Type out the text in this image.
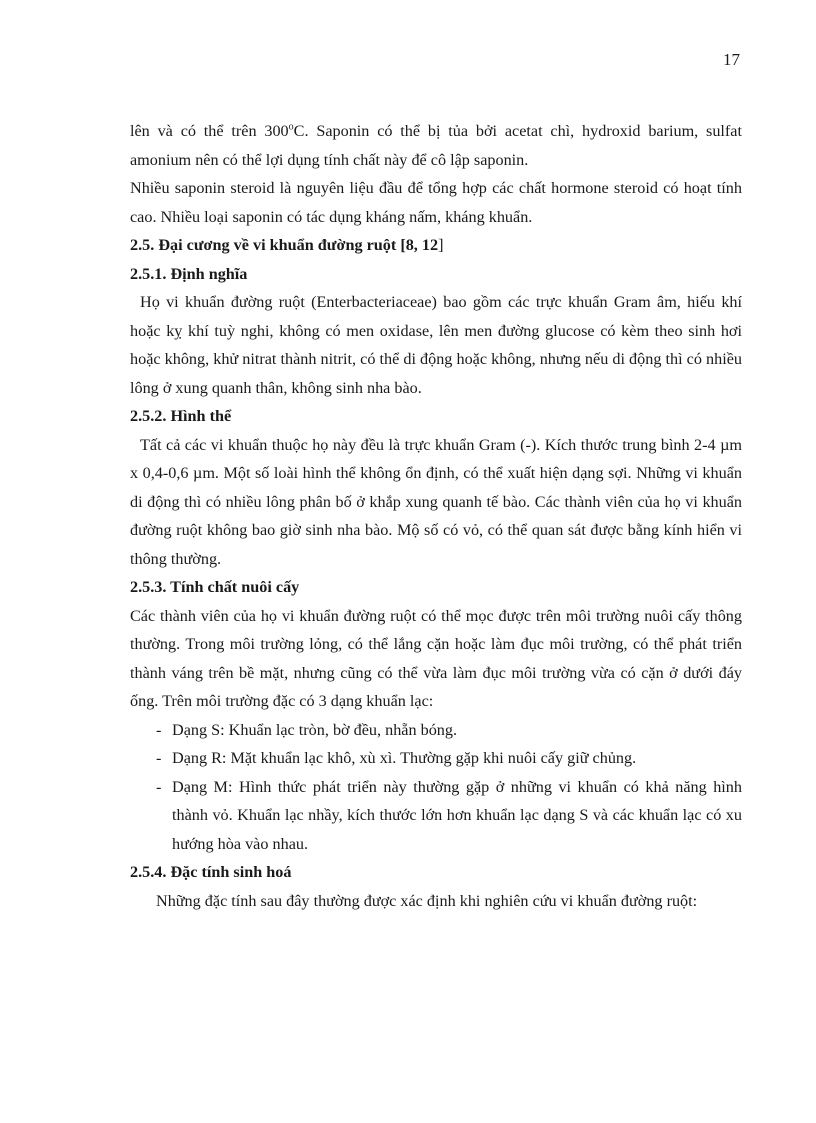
17

lên và có thể trên 300$^o$C. Saponin có thể bị tủa bởi acetat chì, hydroxid barium, sulfat amonium nên có thể lợi dụng tính chất này để cô lập saponin.

Nhiều saponin steroid là nguyên liệu đầu để tổng hợp các chất hormone steroid có hoạt tính cao. Nhiều loại saponin có tác dụng kháng nấm, kháng khuẩn.

2.5. Đại cương về vi khuẩn đường ruột [8, 12]
2.5.1. Định nghĩa

Họ vi khuẩn đường ruột (Enterbacteriaceae) bao gồm các trực khuẩn Gram âm, hiếu khí hoặc kỵ khí tuỳ nghi, không có men oxidase, lên men đường glucose có kèm theo sinh hơi hoặc không, khử nitrat thành nitrit, có thể di động hoặc không, nhưng nếu di động thì có nhiều lông ở xung quanh thân, không sinh nha bào.

2.5.2. Hình thể

Tất cả các vi khuẩn thuộc họ này đều là trực khuẩn Gram (-). Kích thước trung bình 2-4 µm x 0,4-0,6 µm. Một số loài hình thể không ổn định, có thể xuất hiện dạng sợi. Những vi khuẩn di động thì có nhiều lông phân bố ở khắp xung quanh tế bào. Các thành viên của họ vi khuẩn đường ruột không bao giờ sinh nha bào. Mộ số có vỏ, có thể quan sát được bằng kính hiển vi thông thường.

2.5.3. Tính chất nuôi cấy

Các thành viên của họ vi khuẩn đường ruột có thể mọc được trên môi trường nuôi cấy thông thường. Trong môi trường lỏng, có thể lắng cặn hoặc làm đục môi trường, có thể phát triển thành váng trên bề mặt, nhưng cũng có thể vừa làm đục môi trường vừa có cặn ở dưới đáy ống. Trên môi trường đặc có 3 dạng khuẩn lạc:

- Dạng S: Khuẩn lạc tròn, bờ đều, nhẵn bóng.
- Dạng R: Mặt khuẩn lạc khô, xù xì. Thường gặp khi nuôi cấy giữ chủng.
- Dạng M: Hình thức phát triển này thường gặp ở những vi khuẩn có khả năng hình thành vỏ. Khuẩn lạc nhầy, kích thước lớn hơn khuẩn lạc dạng S và các khuẩn lạc có xu hướng hòa vào nhau.
2.5.4. Đặc tính sinh hoá

Những đặc tính sau đây thường được xác định khi nghiên cứu vi khuẩn đường ruột:
